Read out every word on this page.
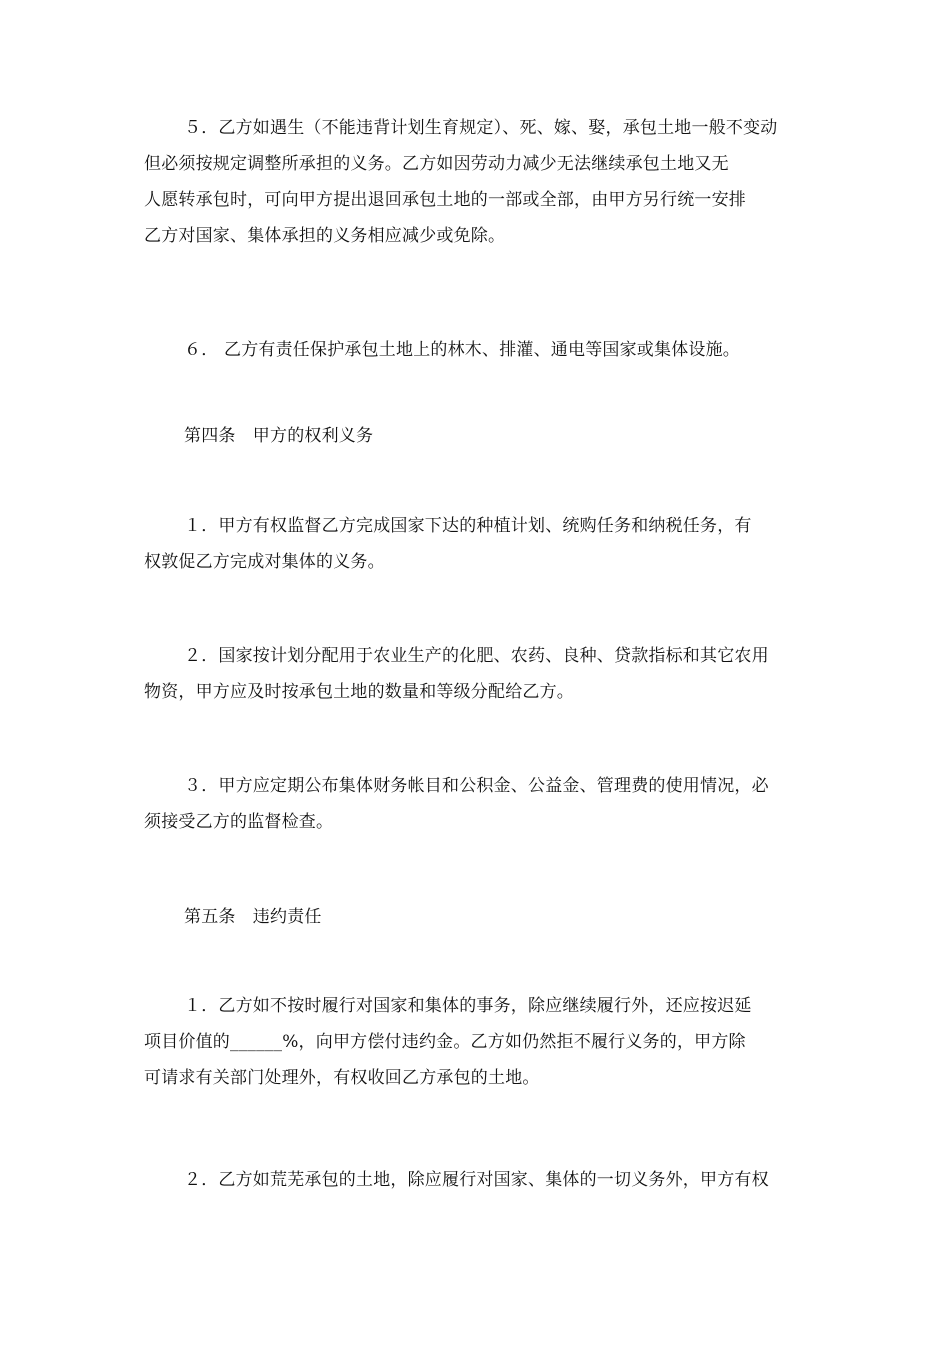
５．乙方如遇生（不能违背计划生育规定）、死、嫁、娶，承包土地一般不变动
但必须按规定调整所承担的义务。乙方如因劳动力减少无法继续承包土地又无
人愿转承包时，可向甲方提出退回承包土地的一部或全部，由甲方另行统一安排
乙方对国家、集体承担的义务相应减少或免除。
６． 乙方有责任保护承包土地上的林木、排灌、通电等国家或集体设施。
第四条　甲方的权利义务
１．甲方有权监督乙方完成国家下达的种植计划、统购任务和纳税任务，有
权敦促乙方完成对集体的义务。
２．国家按计划分配用于农业生产的化肥、农药、良种、贷款指标和其它农用
物资，甲方应及时按承包土地的数量和等级分配给乙方。
３．甲方应定期公布集体财务帐目和公积金、公益金、管理费的使用情况，必
须接受乙方的监督检查。
第五条　违约责任
１．乙方如不按时履行对国家和集体的事务，除应继续履行外，还应按迟延
项目价值的______%，向甲方偿付违约金。乙方如仍然拒不履行义务的，甲方除
可请求有关部门处理外，有权收回乙方承包的土地。
２．乙方如荒芜承包的土地，除应履行对国家、集体的一切义务外，甲方有权
